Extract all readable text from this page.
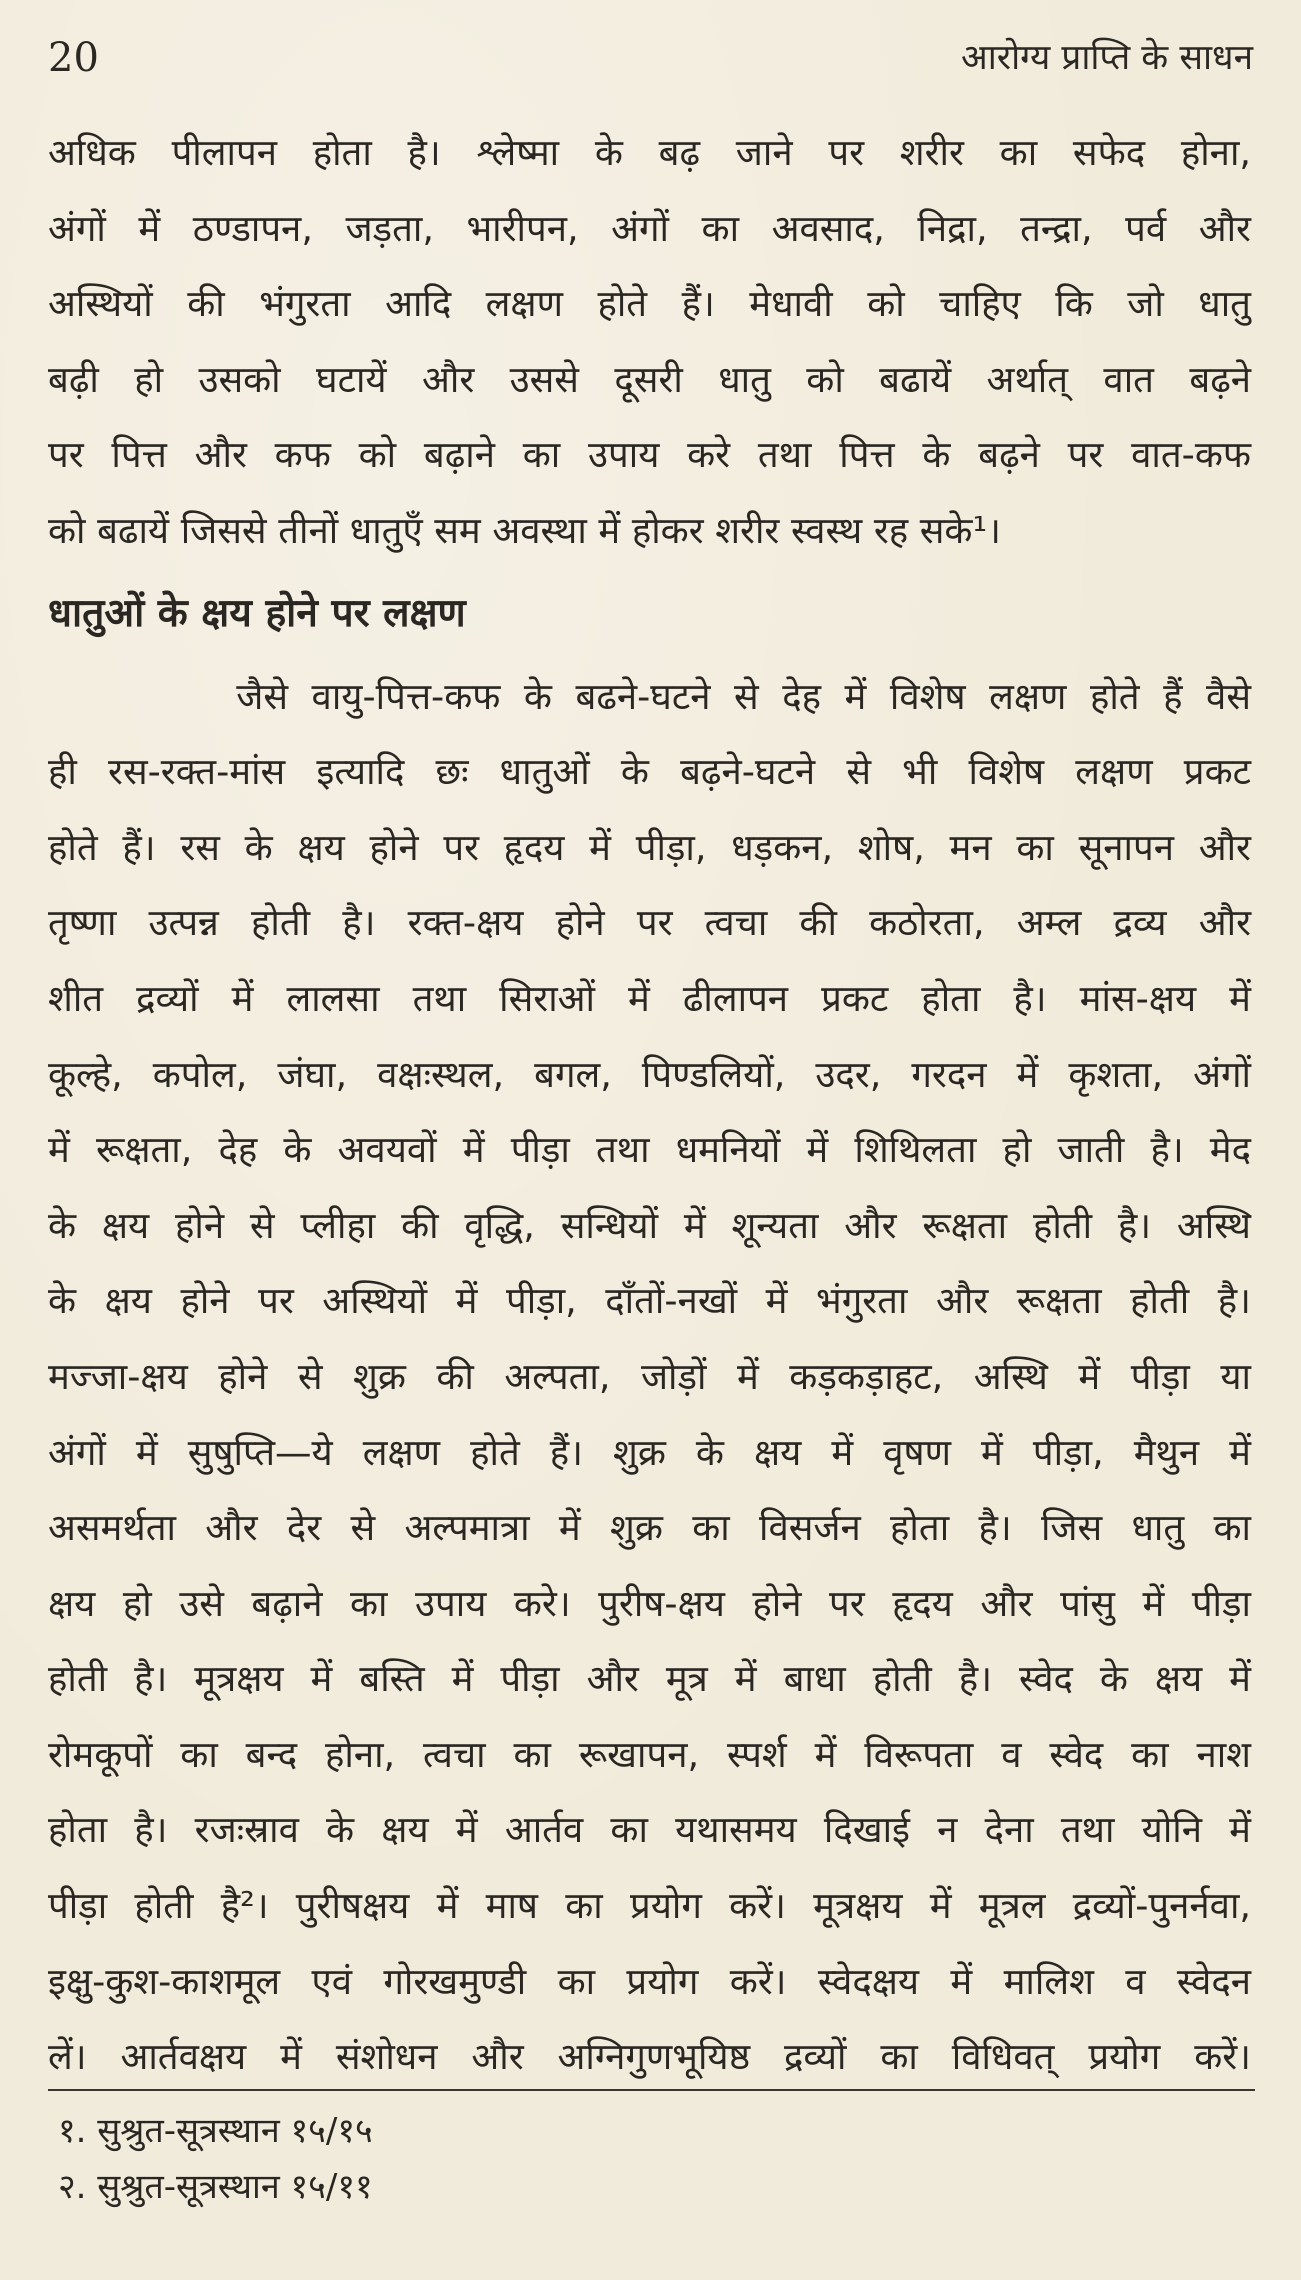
20	आरोग्य प्राप्ति के साधन

अधिक पीलापन होता है। श्लेष्मा के बढ़ जाने पर शरीर का सफेद होना,

अंगों में ठण्डापन, जड़ता, भारीपन, अंगों का अवसाद, निद्रा, तन्द्रा, पर्व और

अस्थियों की भंगुरता आदि लक्षण होते हैं। मेधावी को चाहिए कि जो धातु

बढ़ी हो उसको घटायें और उससे दूसरी धातु को बढायें अर्थात् वात बढ़ने

पर पित्त और कफ को बढ़ाने का उपाय करे तथा पित्त के बढ़ने पर वात-कफ

को बढायें जिससे तीनों धातुएँ सम अवस्था में होकर शरीर स्वस्थ रह सके¹।

धातुओं के क्षय होने पर लक्षण

जैसे वायु-पित्त-कफ के बढने-घटने से देह में विशेष लक्षण होते हैं वैसे

ही रस-रक्त-मांस इत्यादि छः धातुओं के बढ़ने-घटने से भी विशेष लक्षण प्रकट

होते हैं। रस के क्षय होने पर हृदय में पीड़ा, धड़कन, शोष, मन का सूनापन और

तृष्णा उत्पन्न होती है। रक्त-क्षय होने पर त्वचा की कठोरता, अम्ल द्रव्य और

शीत द्रव्यों में लालसा तथा सिराओं में ढीलापन प्रकट होता है। मांस-क्षय में

कूल्हे, कपोल, जंघा, वक्षःस्थल, बगल, पिण्डलियों, उदर, गरदन में कृशता, अंगों

में रूक्षता, देह के अवयवों में पीड़ा तथा धमनियों में शिथिलता हो जाती है। मेद

के क्षय होने से प्लीहा की वृद्धि, सन्धियों में शून्यता और रूक्षता होती है। अस्थि

के क्षय होने पर अस्थियों में पीड़ा, दाँतों-नखों में भंगुरता और रूक्षता होती है।

मज्जा-क्षय होने से शुक्र की अल्पता, जोड़ों में कड़कड़ाहट, अस्थि में पीड़ा या

अंगों में सुषुप्ति—ये लक्षण होते हैं। शुक्र के क्षय में वृषण में पीड़ा, मैथुन में

असमर्थता और देर से अल्पमात्रा में शुक्र का विसर्जन होता है। जिस धातु का

क्षय हो उसे बढ़ाने का उपाय करे। पुरीष-क्षय होने पर हृदय और पांसु में पीड़ा

होती है। मूत्रक्षय में बस्ति में पीड़ा और मूत्र में बाधा होती है। स्वेद के क्षय में

रोमकूपों का बन्द होना, त्वचा का रूखापन, स्पर्श में विरूपता व स्वेद का नाश

होता है। रजःस्राव के क्षय में आर्तव का यथासमय दिखाई न देना तथा योनि में

पीड़ा होती है²। पुरीषक्षय में माष का प्रयोग करें। मूत्रक्षय में मूत्रल द्रव्यों-पुनर्नवा,

इक्षु-कुश-काशमूल एवं गोरखमुण्डी का प्रयोग करें। स्वेदक्षय में मालिश व स्वेदन

लें। आर्तवक्षय में संशोधन और अग्निगुणभूयिष्ठ द्रव्यों का विधिवत् प्रयोग करें।

१. सुश्रुत-सूत्रस्थान १५/१५

२. सुश्रुत-सूत्रस्थान १५/११
